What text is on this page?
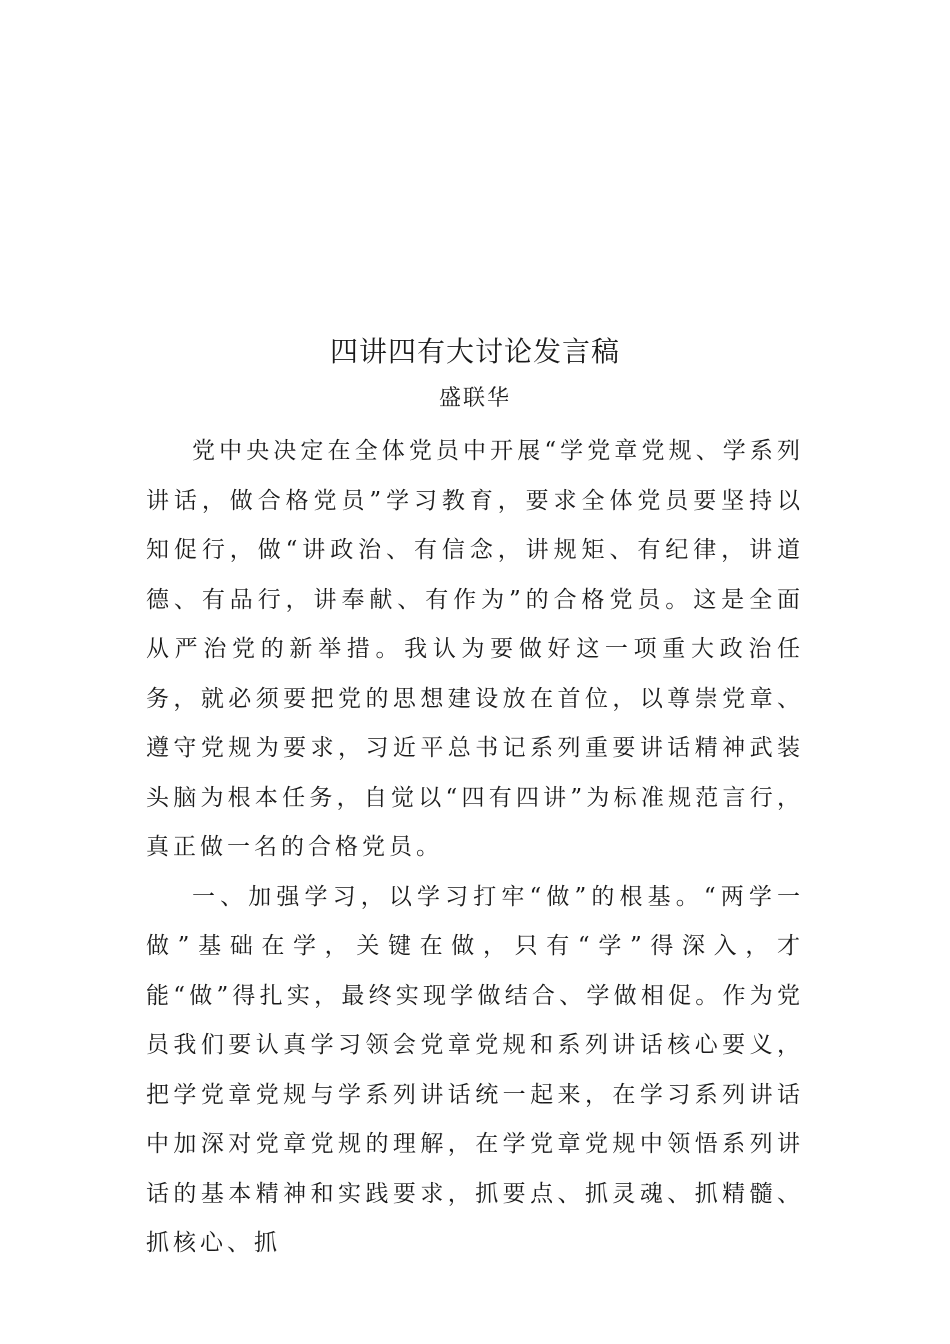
四讲四有大讨论发言稿
盛联华

党中央决定在全体党员中开展“学党章党规、学系列讲话，做合格党员”学习教育，要求全体党员要坚持以知促行，做“讲政治、有信念，讲规矩、有纪律，讲道德、有品行，讲奉献、有作为”的合格党员。这是全面从严治党的新举措。我认为要做好这一项重大政治任务，就必须要把党的思想建设放在首位，以尊崇党章、遵守党规为要求，习近平总书记系列重要讲话精神武装头脑为根本任务，自觉以“四有四讲”为标准规范言行，真正做一名的合格党员。

一、加强学习，以学习打牢“做”的根基。“两学一做”基础在学，关键在做，只有“学”得深入，才能“做”得扎实，最终实现学做结合、学做相促。作为党员我们要认真学习领会党章党规和系列讲话核心要义，把学党章党规与学系列讲话统一起来，在学习系列讲话中加深对党章党规的理解，在学党章党规中领悟系列讲话的基本精神和实践要求，抓要点、抓灵魂、抓精髓、抓核心、抓
